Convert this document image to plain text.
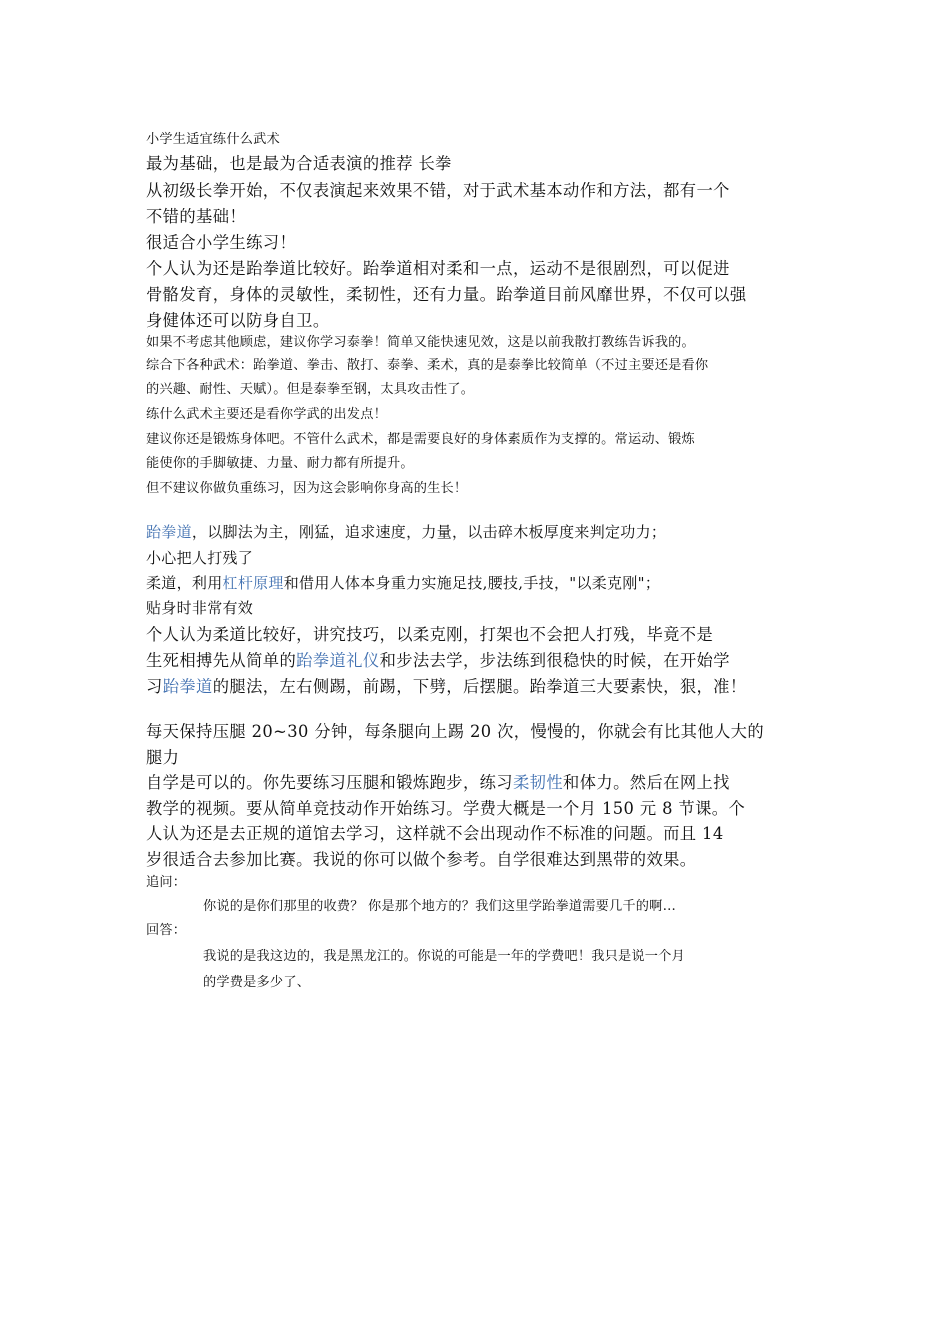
小学生适宜练什么武术
最为基础，也是最为合适表演的推荐 长拳
从初级长拳开始，不仅表演起来效果不错，对于武术基本动作和方法，都有一个
不错的基础！
很适合小学生练习！
个人认为还是跆拳道比较好。跆拳道相对柔和一点，运动不是很剧烈，可以促进
骨骼发育，身体的灵敏性，柔韧性，还有力量。跆拳道目前风靡世界，不仅可以强
身健体还可以防身自卫。
如果不考虑其他顾虑，建议你学习泰拳！简单又能快速见效，这是以前我散打教练告诉我的。
综合下各种武术：跆拳道、拳击、散打、泰拳、柔术，真的是泰拳比较简单（不过主要还是看你
的兴趣、耐性、天赋）。但是泰拳至钢，太具攻击性了。
练什么武术主要还是看你学武的出发点！
建议你还是锻炼身体吧。不管什么武术，都是需要良好的身体素质作为支撑的。常运动、锻炼
能使你的手脚敏捷、力量、耐力都有所提升。
但不建议你做负重练习，因为这会影响你身高的生长！
跆拳道，以脚法为主，刚猛，追求速度，力量，以击碎木板厚度来判定功力；
小心把人打残了
柔道，利用杠杆原理和借用人体本身重力实施足技,腰技,手技，"以柔克刚"；
贴身时非常有效
个人认为柔道比较好，讲究技巧，以柔克刚，打架也不会把人打残，毕竟不是
生死相搏先从简单的跆拳道礼仪和步法去学，步法练到很稳快的时候，在开始学
习跆拳道的腿法，左右侧踢，前踢，下劈，后摆腿。跆拳道三大要素快，狠，准！
每天保持压腿 20~30 分钟，每条腿向上踢 20 次，慢慢的，你就会有比其他人大的
腿力
自学是可以的。你先要练习压腿和锻炼跑步，练习柔韧性和体力。然后在网上找
教学的视频。要从简单竞技动作开始练习。学费大概是一个月 150 元 8 节课。个
人认为还是去正规的道馆去学习，这样就不会出现动作不标准的问题。而且 14
岁很适合去参加比赛。我说的你可以做个参考。自学很难达到黑带的效果。
追问：
你说的是你们那里的收费？ 你是那个地方的？我们这里学跆拳道需要几千的啊…
回答：
我说的是我这边的，我是黑龙江的。你说的可能是一年的学费吧！我只是说一个月
的学费是多少了、
